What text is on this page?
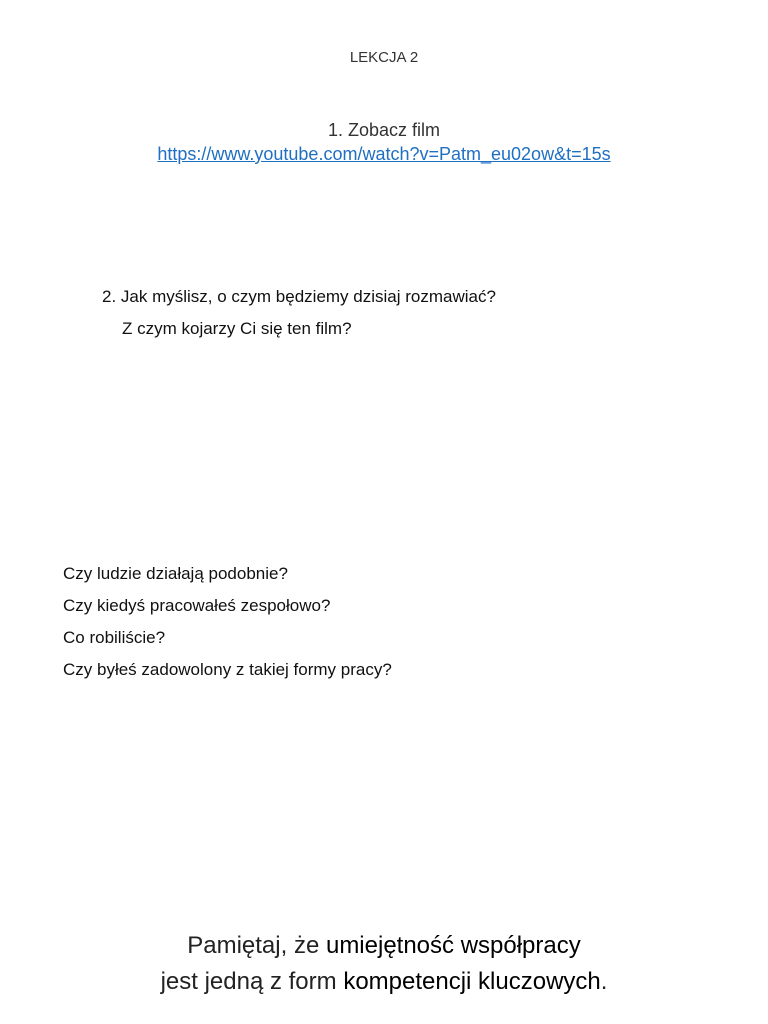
LEKCJA 2
1. Zobacz film
https://www.youtube.com/watch?v=Patm_eu02ow&t=15s
2. Jak myślisz, o czym będziemy dzisiaj rozmawiać?
Z czym kojarzy Ci się ten film?
Czy ludzie działają podobnie?
Czy kiedyś pracowałeś zespołowo?
Co robiliście?
Czy byłeś zadowolony z takiej formy pracy?
Pamiętaj, że umiejętność współpracy
jest jedną z form kompetencji kluczowych.
